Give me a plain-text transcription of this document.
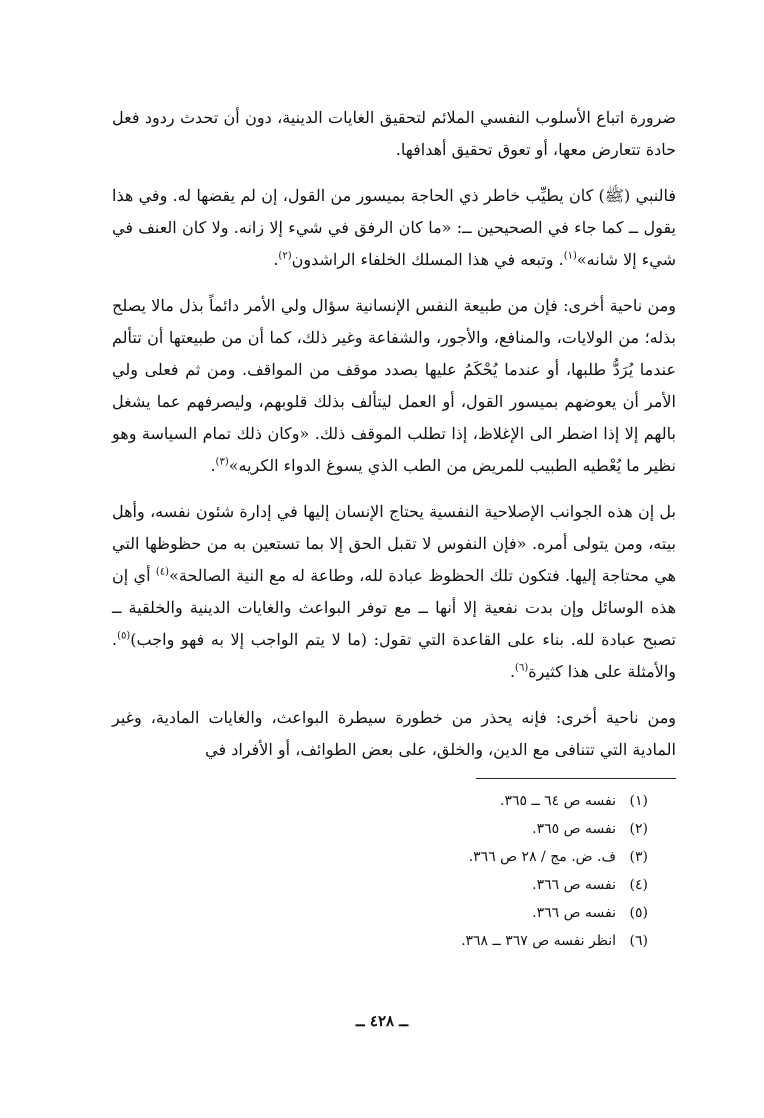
ضرورة اتباع الأسلوب النفسي الملائم لتحقيق الغايات الدينية، دون أن تحدث ردود فعل حادة تتعارض معها، أو تعوق تحقيق أهدافها.

فالنبي (ﷺ) كان يطيِّب خاطر ذي الحاجة بميسور من القول، إن لم يقضها له. وفي هذا يقول ــ كما جاء في الصحيحين ــ: «ما كان الرفق في شيء إلا زانه. ولا كان العنف في شيء إلا شانه»$^{(١)}$. وتبعه في هذا المسلك الخلفاء الراشدون$^{(٢)}$.

ومن ناحية أخرى: فإن من طبيعة النفس الإنسانية سؤال ولي الأمر دائماً بذل مالا يصلح بذله؛ من الولايات، والمنافع، والأجور، والشفاعة وغير ذلك، كما أن من طبيعتها أن تتألم عندما يُرَدُّ طلبها، أو عندما يُحْكَمُ عليها بصدد موقف من المواقف. ومن ثم فعلى ولي الأمر أن يعوضهم بميسور القول، أو العمل ليتألف بذلك قلوبهم، وليصرفهم عما يشغل بالهم إلا إذا اضطر الى الإغلاظ، إذا تطلب الموقف ذلك. «وكان ذلك تمام السياسة وهو نظير ما يُعْطيه الطبيب للمريض من الطب الذي يسوغ الدواء الكريه»$^{(٣)}$.

بل إن هذه الجوانب الإصلاحية النفسية يحتاج الإنسان إليها في إدارة شئون نفسه، وأهل بيته، ومن يتولى أمره. «فإن النفوس لا تقبل الحق إلا بما تستعين به من حظوظها التي هي محتاجة إليها. فتكون تلك الحظوظ عبادة لله، وطاعة له مع النية الصالحة»$^{(٤)}$ أي إن هذه الوسائل وإن بدت نفعية إلا أنها ــ مع توفر البواعث والغايات الدينية والخلقية ــ تصبح عبادة لله. بناء على القاعدة التي تقول: (ما لا يتم الواجب إلا به فهو واجب)$^{(٥)}$. والأمثلة على هذا كثيرة$^{(٦)}$.

ومن ناحية أخرى: فإنه يحذر من خطورة سيطرة البواعث، والغايات المادية، وغير المادية التي تتنافى مع الدين، والخلق، على بعض الطوائف، أو الأفراد في

(١)
نفسه ص ٦٤ ــ ٣٦٥.
(٢)
نفسه ص ٣٦٥.
(٣)
ف. ض. مج / ٢٨ ص ٣٦٦.
(٤)
نفسه ص ٣٦٦.
(٥)
نفسه ص ٣٦٦.
(٦)
انظر نفسه ص ٣٦٧ ــ ٣٦٨.
ــ ٤٢٨ ــ
